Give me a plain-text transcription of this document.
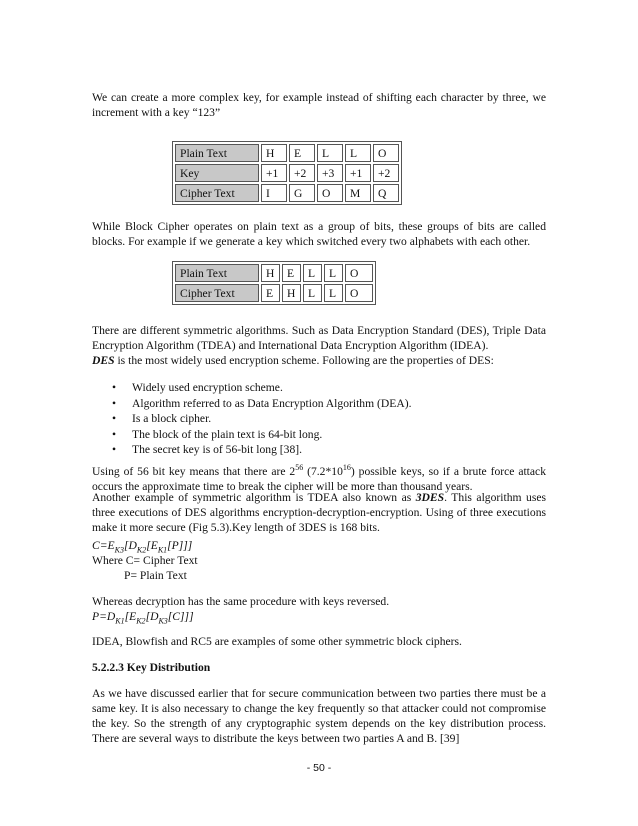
We can create a more complex key, for example instead of shifting each character by three, we increment with a key “123”

Plain Text	H	E	L	L	O
Key	+1	+2	+3	+1	+2
Cipher Text	I	G	O	M	Q

While Block Cipher operates on plain text as a group of bits, these groups of bits are called blocks. For example if we generate a key which switched every two alphabets with each other.

Plain Text	H	E	L	L	O
Cipher Text	E	H	L	L	O
There are different symmetric algorithms. Such as Data Encryption Standard (DES), Triple Data Encryption Algorithm (TDEA) and International Data Encryption Algorithm (IDEA).
DES is the most widely used encryption scheme. Following are the properties of DES:
• Widely used encryption scheme.
• Algorithm referred to as Data Encryption Algorithm (DEA).
• Is a block cipher.
• The block of the plain text is 64-bit long.
• The secret key is of 56-bit long [38].
Using of 56 bit key means that there are $2^{56}$ $(7.2*10^{16})$ possible keys, so if a brute force attack occurs the approximate time to break the cipher will be more than thousand years.
Another example of symmetric algorithm is TDEA also known as 3DES. This algorithm uses three executions of DES algorithms encryption-decryption-encryption. Using of three executions make it more secure (Fig 5.3).Key length of 3DES is 168 bits.
$C=E_{K3}[D_{K2}[E_{K1}[P]]]$
Where C= Cipher Text
P= Plain Text
Whereas decryption has the same procedure with keys reversed.
$P=D_{K1}[E_{K2}[D_{K3}[C]]]$
IDEA, Blowfish and RC5 are examples of some other symmetric block ciphers.
5.2.2.3 Key Distribution

As we have discussed earlier that for secure communication between two parties there must be a same key. It is also necessary to change the key frequently so that attacker could not compromise the key. So the strength of any cryptographic system depends on the key distribution process. There are several ways to distribute the keys between two parties A and B. [39]

- 50 -
